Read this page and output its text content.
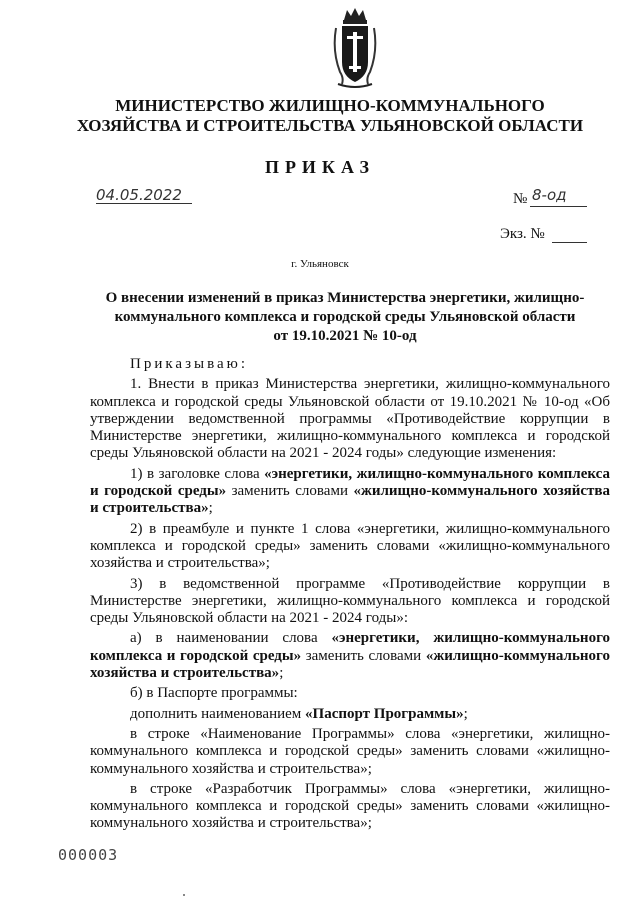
МИНИСТЕРСТВО ЖИЛИЩНО-КОММУНАЛЬНОГО
ХОЗЯЙСТВА И СТРОИТЕЛЬСТВА УЛЬЯНОВСКОЙ ОБЛАСТИ
ПРИКАЗ
04.05.2022	№ 8-од
Экз. №
г. Ульяновск
О внесении изменений в приказ Министерства энергетики, жилищно-
коммунального комплекса и городской среды Ульяновской области
от 19.10.2021 № 10-од

Приказываю:

1. Внести в приказ Министерства энергетики, жилищно-коммунального комплекса и городской среды Ульяновской области от 19.10.2021 № 10-од «Об утверждении ведомственной программы «Противодействие коррупции в Министерстве энергетики, жилищно-коммунального комплекса и городской среды Ульяновской области на 2021 - 2024 годы» следующие изменения:

1) в заголовке слова «энергетики, жилищно-коммунального комплекса и городской среды» заменить словами «жилищно-коммунального хозяйства и строительства»;

2) в преамбуле и пункте 1 слова «энергетики, жилищно-коммунального комплекса и городской среды» заменить словами «жилищно-коммунального хозяйства и строительства»;

3) в ведомственной программе «Противодействие коррупции в Министерстве энергетики, жилищно-коммунального комплекса и городской среды Ульяновской области на 2021 - 2024 годы»:

а) в наименовании слова «энергетики, жилищно-коммунального комплекса и городской среды» заменить словами «жилищно-коммунального хозяйства и строительства»;

б) в Паспорте программы:

дополнить наименованием «Паспорт Программы»;

в строке «Наименование Программы» слова «энергетики, жилищно-коммунального комплекса и городской среды» заменить словами «жилищно-коммунального хозяйства и строительства»;

в строке «Разработчик Программы» слова «энергетики, жилищно-коммунального комплекса и городской среды» заменить словами «жилищно-коммунального хозяйства и строительства»;

000003
